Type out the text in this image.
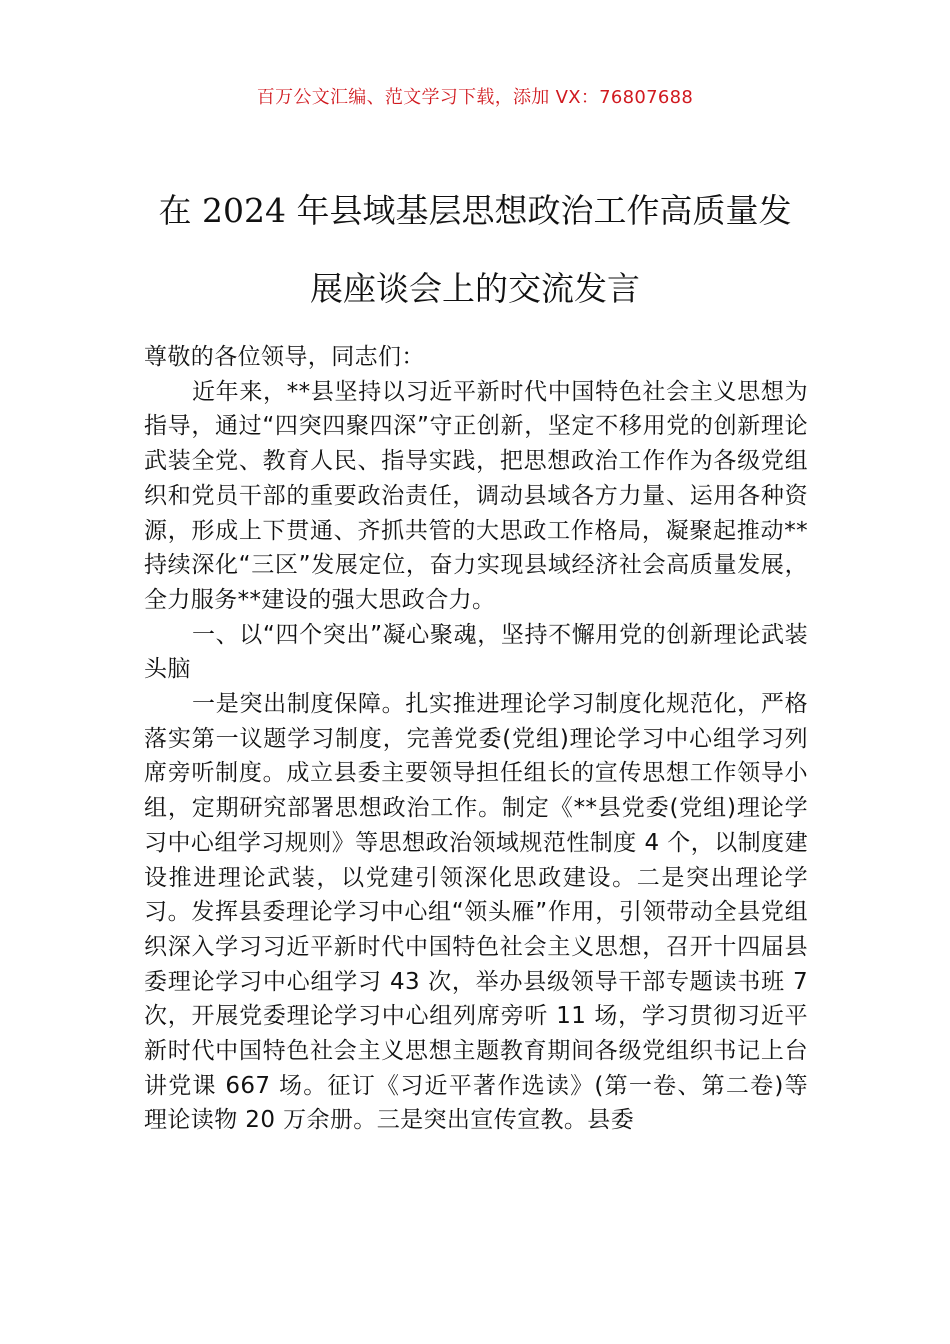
百万公文汇编、范文学习下载，添加 VX：76807688
在 2024 年县域基层思想政治工作高质量发
展座谈会上的交流发言

尊敬的各位领导，同志们：

近年来，**县坚持以习近平新时代中国特色社会主义思想为指导，通过“四突四聚四深”守正创新，坚定不移用党的创新理论武装全党、教育人民、指导实践，把思想政治工作作为各级党组织和党员干部的重要政治责任，调动县域各方力量、运用各种资源，形成上下贯通、齐抓共管的大思政工作格局，凝聚起推动**持续深化“三区”发展定位，奋力实现县域经济社会高质量发展，全力服务**建设的强大思政合力。

一、以“四个突出”凝心聚魂，坚持不懈用党的创新理论武装头脑

一是突出制度保障。扎实推进理论学习制度化规范化，严格落实第一议题学习制度，完善党委(党组)理论学习中心组学习列席旁听制度。成立县委主要领导担任组长的宣传思想工作领导小组，定期研究部署思想政治工作。制定《**县党委(党组)理论学习中心组学习规则》等思想政治领域规范性制度 4 个，以制度建设推进理论武装，以党建引领深化思政建设。二是突出理论学习。发挥县委理论学习中心组“领头雁”作用，引领带动全县党组织深入学习习近平新时代中国特色社会主义思想，召开十四届县委理论学习中心组学习 43 次，举办县级领导干部专题读书班 7 次，开展党委理论学习中心组列席旁听 11 场，学习贯彻习近平新时代中国特色社会主义思想主题教育期间各级党组织书记上台讲党课 667 场。征订《习近平著作选读》(第一卷、第二卷)等理论读物 20 万余册。三是突出宣传宣教。县委
